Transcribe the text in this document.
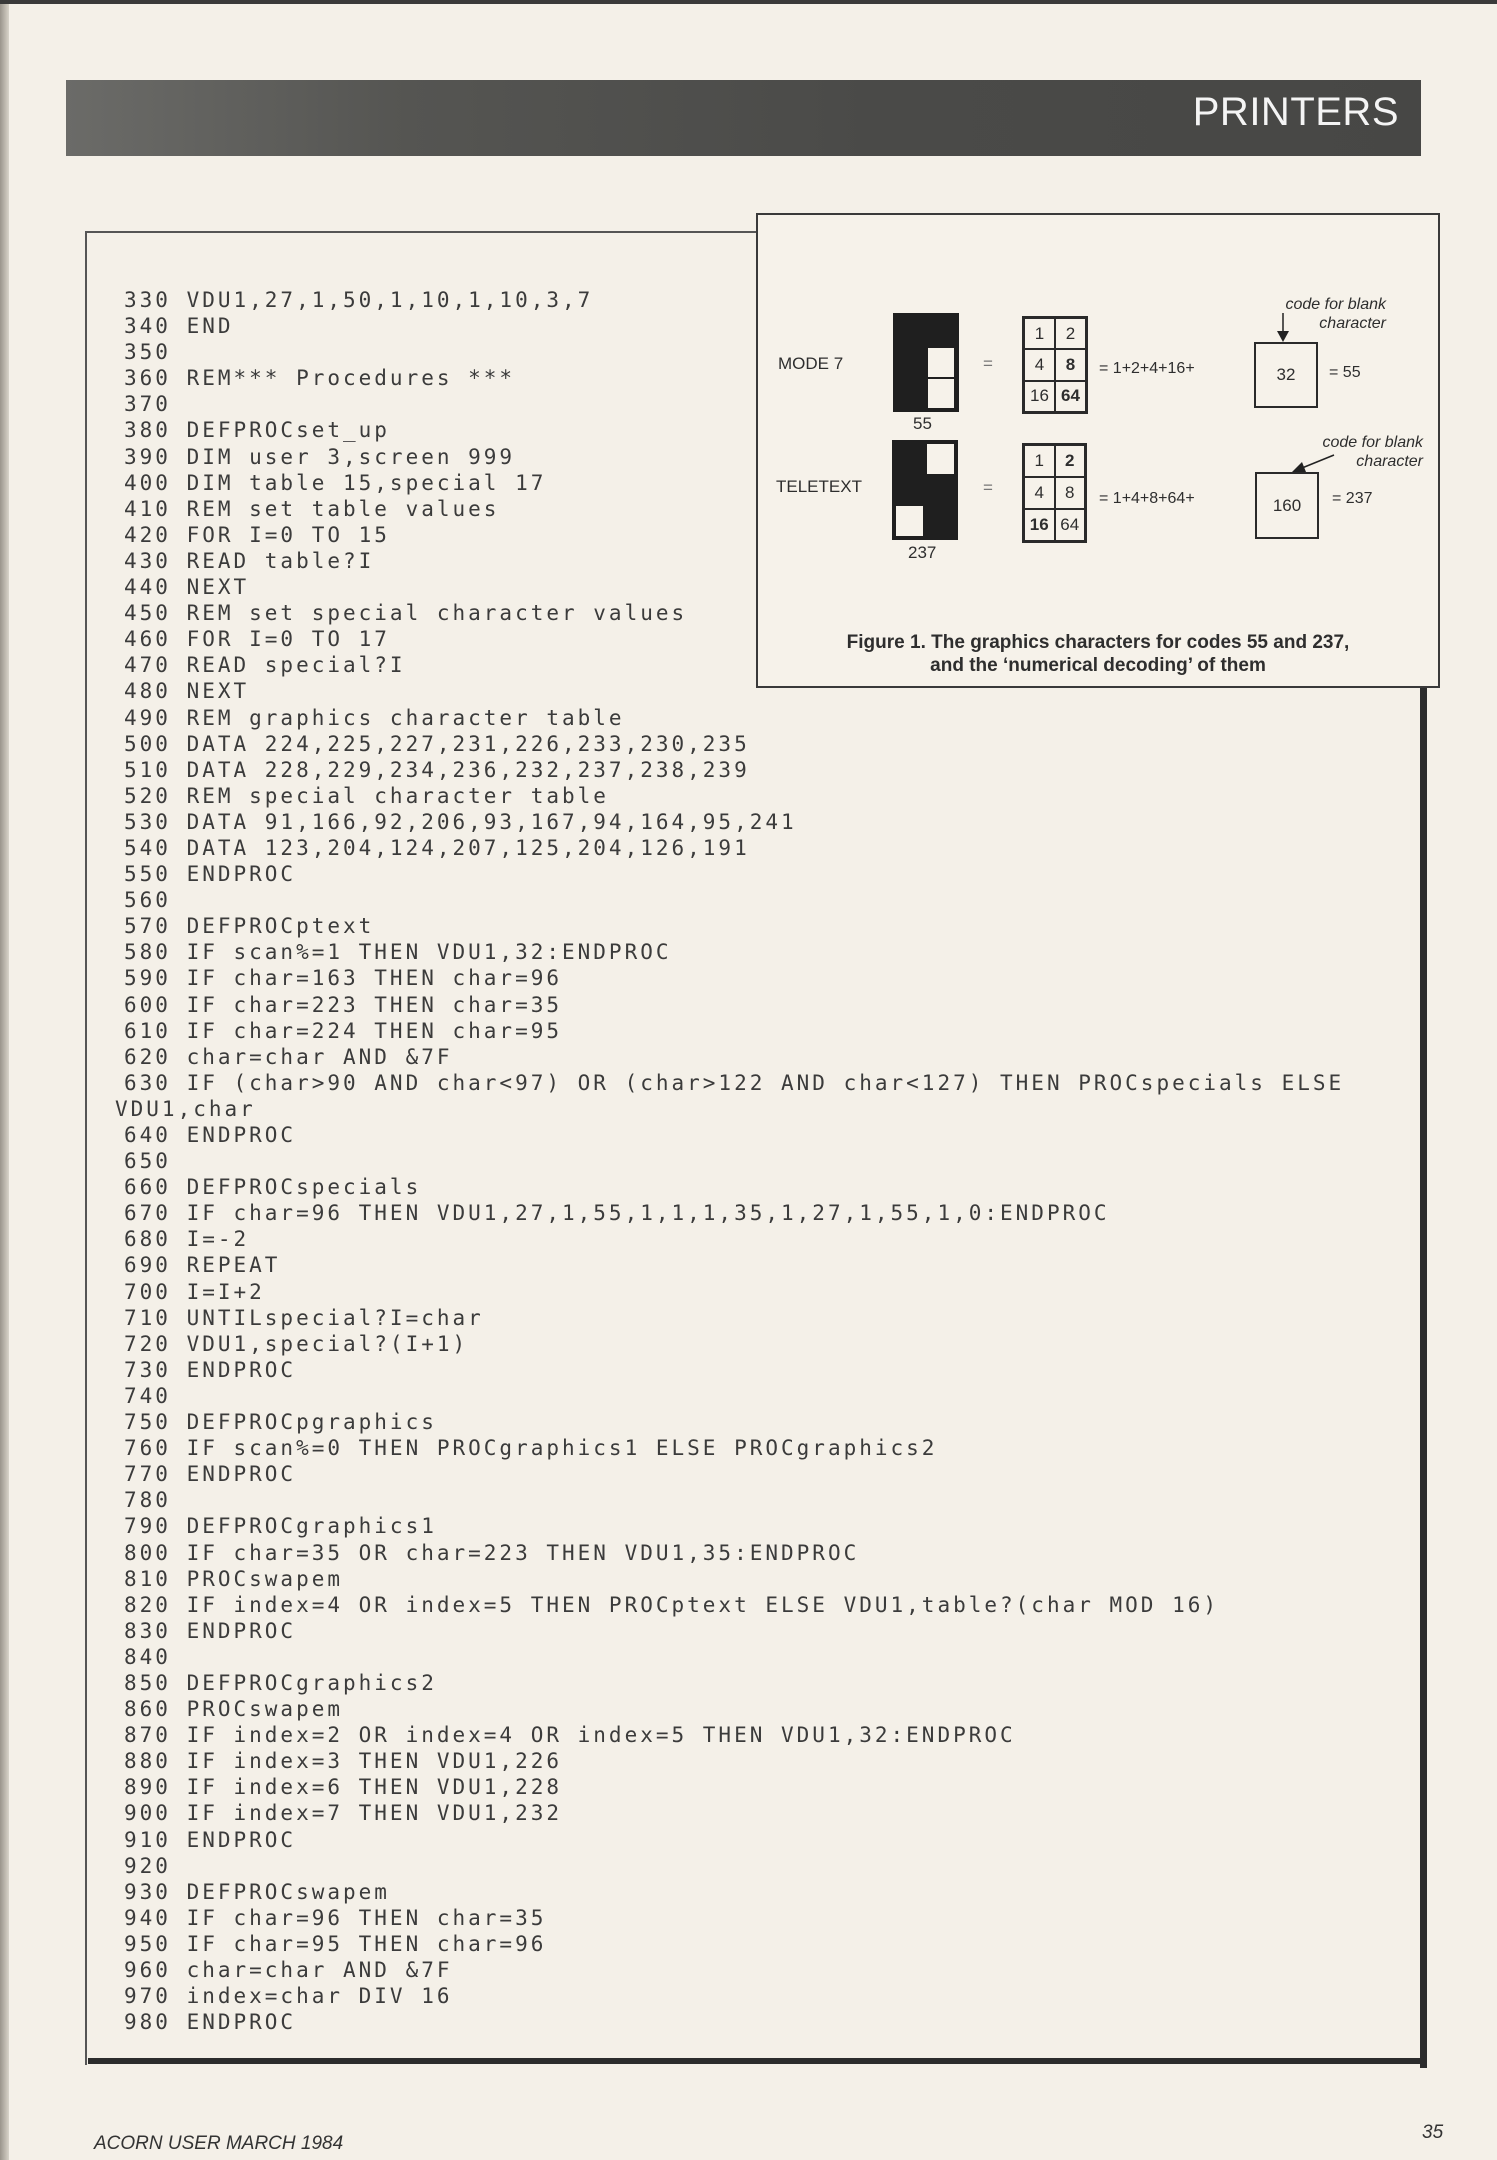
PRINTERS
330 VDU1,27,1,50,1,10,1,10,3,7
340 END
350
360 REM*** Procedures ***
370
380 DEFPROCset_up
390 DIM user 3,screen 999
400 DIM table 15,special 17
410 REM set table values
420 FOR I=0 TO 15
430 READ table?I
440 NEXT
450 REM set special character values
460 FOR I=0 TO 17
470 READ special?I
480 NEXT
490 REM graphics character table
500 DATA 224,225,227,231,226,233,230,235
510 DATA 228,229,234,236,232,237,238,239
520 REM special character table
530 DATA 91,166,92,206,93,167,94,164,95,241
540 DATA 123,204,124,207,125,204,126,191
550 ENDPROC
560
570 DEFPROCptext
580 IF scan%=1 THEN VDU1,32:ENDPROC
590 IF char=163 THEN char=96
600 IF char=223 THEN char=35
610 IF char=224 THEN char=95
620 char=char AND &7F
630 IF (char>90 AND char<97) OR (char>122 AND char<127) THEN PROCspecials ELSE
VDU1,char
640 ENDPROC
650
660 DEFPROCspecials
670 IF char=96 THEN VDU1,27,1,55,1,1,1,35,1,27,1,55,1,0:ENDPROC
680 I=-2
690 REPEAT
700 I=I+2
710 UNTILspecial?I=char
720 VDU1,special?(I+1)
730 ENDPROC
740
750 DEFPROCpgraphics
760 IF scan%=0 THEN PROCgraphics1 ELSE PROCgraphics2
770 ENDPROC
780
790 DEFPROCgraphics1
800 IF char=35 OR char=223 THEN VDU1,35:ENDPROC
810 PROCswapem
820 IF index=4 OR index=5 THEN PROCptext ELSE VDU1,table?(char MOD 16)
830 ENDPROC
840
850 DEFPROCgraphics2
860 PROCswapem
870 IF index=2 OR index=4 OR index=5 THEN VDU1,32:ENDPROC
880 IF index=3 THEN VDU1,226
890 IF index=6 THEN VDU1,228
900 IF index=7 THEN VDU1,232
910 ENDPROC
920
930 DEFPROCswapem
940 IF char=96 THEN char=35
950 IF char=95 THEN char=96
960 char=char AND &7F
970 index=char DIV 16
980 ENDPROC
MODE 7
55
=
1	2
4	8
16 64
= 1+2+4+16+	32	= 55
code for blank
character
TELETEXT
237
=
1	2
4	8
16 64
= 1+4+8+64+	160	= 237
code for blank
character
Figure 1. The graphics characters for codes 55 and 237,
and the ‘numerical decoding’ of them
ACORN USER MARCH 1984
35
